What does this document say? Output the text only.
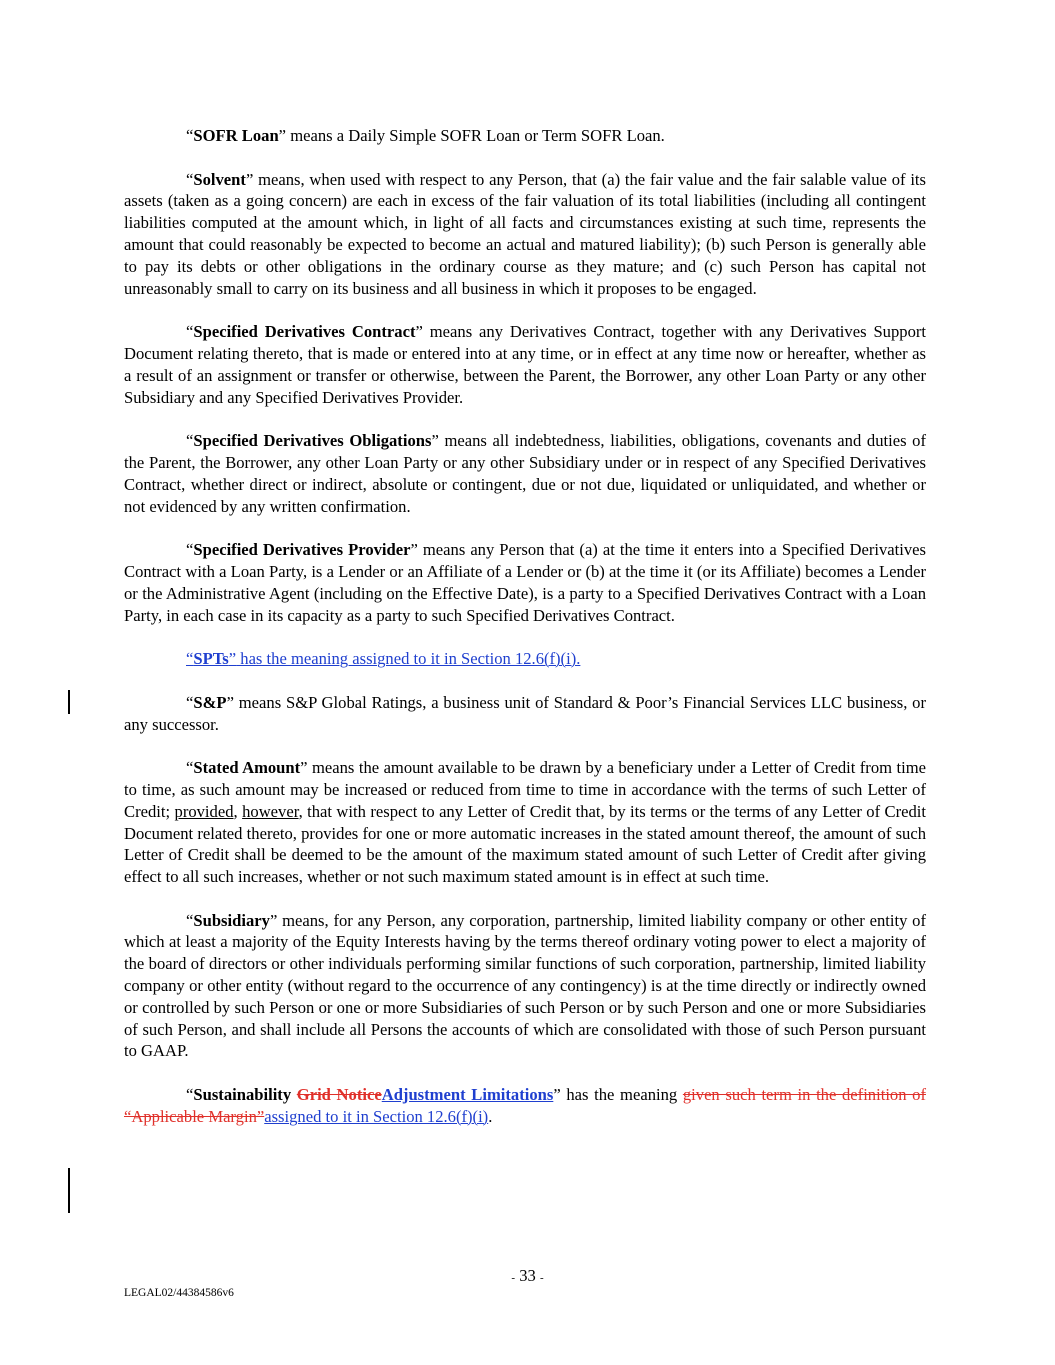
“SOFR Loan” means a Daily Simple SOFR Loan or Term SOFR Loan.

“Solvent” means, when used with respect to any Person, that (a) the fair value and the fair salable value of its assets (taken as a going concern) are each in excess of the fair valuation of its total liabilities (including all contingent liabilities computed at the amount which, in light of all facts and circumstances existing at such time, represents the amount that could reasonably be expected to become an actual and matured liability); (b) such Person is generally able to pay its debts or other obligations in the ordinary course as they mature; and (c) such Person has capital not unreasonably small to carry on its business and all business in which it proposes to be engaged.

“Specified Derivatives Contract” means any Derivatives Contract, together with any Derivatives Support Document relating thereto, that is made or entered into at any time, or in effect at any time now or hereafter, whether as a result of an assignment or transfer or otherwise, between the Parent, the Borrower, any other Loan Party or any other Subsidiary and any Specified Derivatives Provider.

“Specified Derivatives Obligations” means all indebtedness, liabilities, obligations, covenants and duties of the Parent, the Borrower, any other Loan Party or any other Subsidiary under or in respect of any Specified Derivatives Contract, whether direct or indirect, absolute or contingent, due or not due, liquidated or unliquidated, and whether or not evidenced by any written confirmation.

“Specified Derivatives Provider” means any Person that (a) at the time it enters into a Specified Derivatives Contract with a Loan Party, is a Lender or an Affiliate of a Lender or (b) at the time it (or its Affiliate) becomes a Lender or the Administrative Agent (including on the Effective Date), is a party to a Specified Derivatives Contract with a Loan Party, in each case in its capacity as a party to such Specified Derivatives Contract.

“SPTs” has the meaning assigned to it in Section 12.6(f)(i).

“S&P” means S&P Global Ratings, a business unit of Standard & Poor’s Financial Services LLC business, or any successor.

“Stated Amount” means the amount available to be drawn by a beneficiary under a Letter of Credit from time to time, as such amount may be increased or reduced from time to time in accordance with the terms of such Letter of Credit; provided, however, that with respect to any Letter of Credit that, by its terms or the terms of any Letter of Credit Document related thereto, provides for one or more automatic increases in the stated amount thereof, the amount of such Letter of Credit shall be deemed to be the amount of the maximum stated amount of such Letter of Credit after giving effect to all such increases, whether or not such maximum stated amount is in effect at such time.

“Subsidiary” means, for any Person, any corporation, partnership, limited liability company or other entity of which at least a majority of the Equity Interests having by the terms thereof ordinary voting power to elect a majority of the board of directors or other individuals performing similar functions of such corporation, partnership, limited liability company or other entity (without regard to the occurrence of any contingency) is at the time directly or indirectly owned or controlled by such Person or one or more Subsidiaries of such Person or by such Person and one or more Subsidiaries of such Person, and shall include all Persons the accounts of which are consolidated with those of such Person pursuant to GAAP.

“Sustainability Grid NoticeAdjustment Limitations” has the meaning given such term in the definition of “Applicable Margin”assigned to it in Section 12.6(f)(i).

- 33 -
LEGAL02/44384586v6
